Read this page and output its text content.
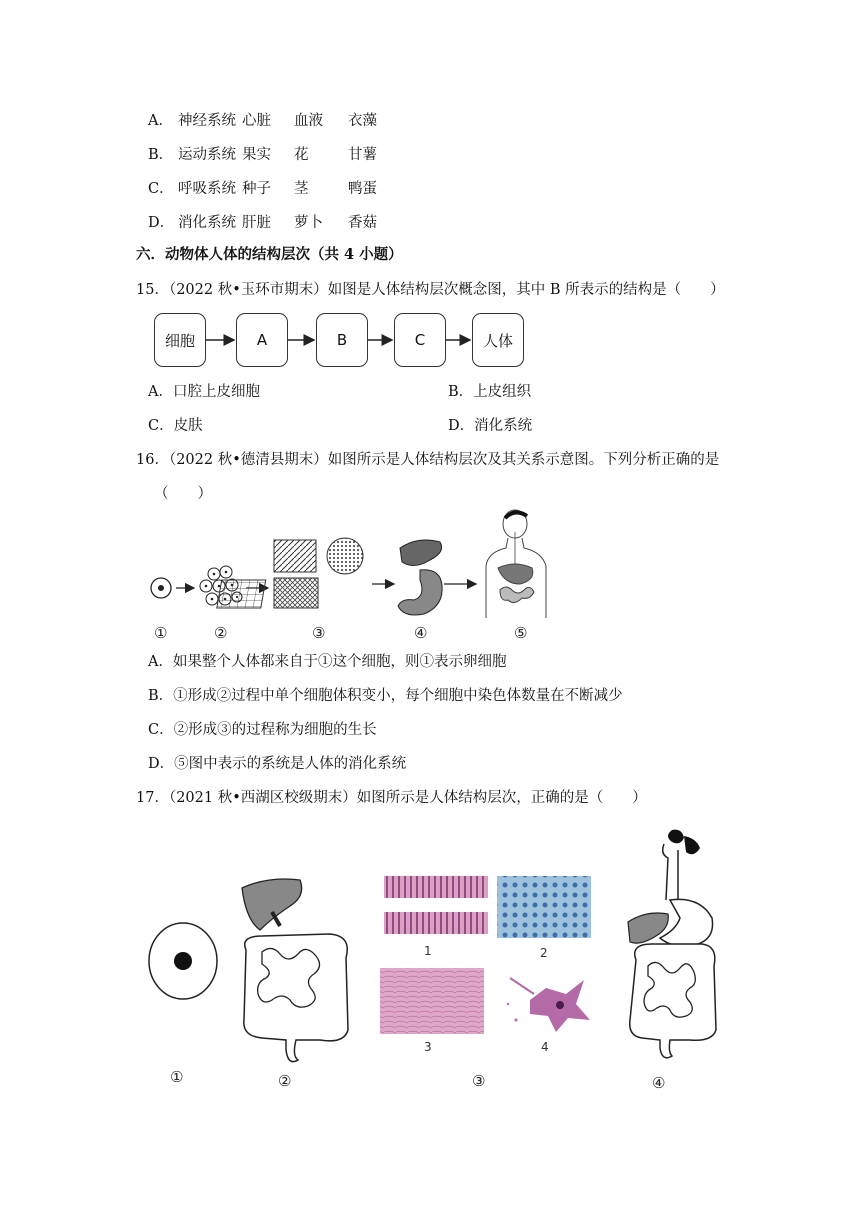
A． 神经系统 心脏 血液 衣藻
B． 运动系统 果实 花	甘薯
C． 呼吸系统 种子 茎	鸭蛋
D． 消化系统 肝脏 萝卜 香菇
六．动物体人体的结构层次（共 4 小题）
15．（2022 秋•玉环市期末）如图是人体结构层次概念图，其中 B 所表示的结构是（　　）
细胞	A	B	C	人体
A．口腔上皮细胞	B．上皮组织
C．皮肤	D．消化系统
16．（2022 秋•德清县期末）如图所示是人体结构层次及其关系示意图。下列分析正确的是
（　　）
①	②	③	④	⑤
A．如果整个人体都来自于①这个细胞，则①表示卵细胞
B．①形成②过程中单个细胞体积变小，每个细胞中染色体数量在不断减少
C．②形成③的过程称为细胞的生长
D．⑤图中表示的系统是人体的消化系统
17．（2021 秋•西湖区校级期末）如图所示是人体结构层次，正确的是（　　）
1	2
3	4
①	②	③	④
